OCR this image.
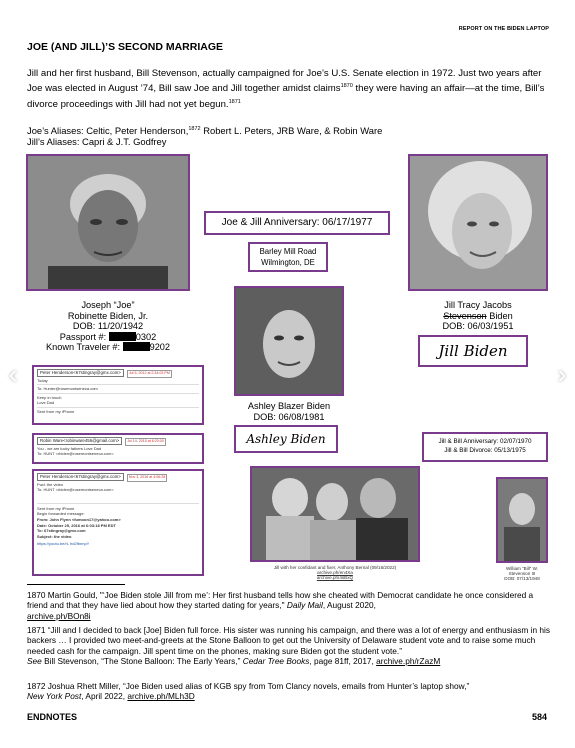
REPORT ON THE BIDEN LAPTOP
JOE (AND JILL)’S SECOND MARRIAGE
Jill and her first husband, Bill Stevenson, actually campaigned for Joe’s U.S. Senate election in 1972. Just two years after Joe was elected in August ’74, Bill saw Joe and Jill together amidst claims$^{1870}$ they were having an affair—at the time, Bill’s divorce proceedings with Jill had not yet begun.$^{1871}$
Joe’s Aliases: Celtic, Peter Henderson,$^{1872}$ Robert L. Peters, JRB Ware, & Robin Ware
Jill’s Aliases: Capri & J.T. Godfrey
Joe & Jill Anniversary: 06/17/1977
Barley Mill Road
Wilmington, DE
Joseph “Joe”
Robinette Biden, Jr.
DOB: 11/20/1942
Passport #:	0302
Known Traveler #:	9202
Jill Tracy Jacobs
Stevenson Biden
DOB: 06/03/1951
Jill Biden
Ashley Blazer Biden
DOB: 06/08/1981
Ashley Biden	Jill & Bill Anniversary: 02/07/1970
Jill & Bill Divorce: 05/13/1975
Peter Henderson<67stingray@gmx.com> Jul 5, 2012 at 2:34:03 PM
Today
To: Hunter@rosemontseneca.com
Keep in touch
Love Dad
Sent from my iPhone
Robin Ware<robinware456@gmail.com> Jul 14, 2015 at 6:20:00
You - we are lucky fathers Love Dad
To: HUNT <rbiden@rosemontseneca.com>
Peter Henderson<67stingray@gmx.com> Nov 3, 2016 at 4:06:28
Fwd: the video
To: HUNT <rbiden@rosemontseneca.com>
Sent from my iPhone
Begin forwarded message:
From: John Flynn <fumoon17@yahoo.com>
Date: October 25, 2016 at 6:03:18 PM EDT
To: 67stingray@gmx.com
Subject: the video
https://youtu.be/rL hd2fbnnpY
Jill with her confidant and fixer, Anthony Bernal (09/16/2022)
archive.ph/en4Xa
archive.ph/4sBxQ
William “Bill” W.
Stevenson III
DOB: 07/13/1948
1870 Martin Gould, "‘Joe Biden stole Jill from me’: Her first husband tells how she cheated with Democrat candidate he once considered a friend and that they have lied about how they started dating for years," Daily Mail, August 2020,
archive.ph/BOn8i
1871 “Jill and I decided to back [Joe] Biden full force. His sister was running his campaign, and there was a lot of energy and enthusiasm in his backers … I provided two meet-and-greets at the Stone Balloon to get out the University of Delaware student vote and to raise some much needed cash for the campaign. Jill spent time on the phones, making sure Biden got the student vote.”
See Bill Stevenson, “The Stone Balloon: The Early Years,” Cedar Tree Books, page 81ff, 2017, archive.ph/rZazM
1872 Joshua Rhett Miller, “Joe Biden used alias of KGB spy from Tom Clancy novels, emails from Hunter’s laptop show,”
New York Post, April 2022, archive.ph/MLh3D
ENDNOTES	584
‹	›
